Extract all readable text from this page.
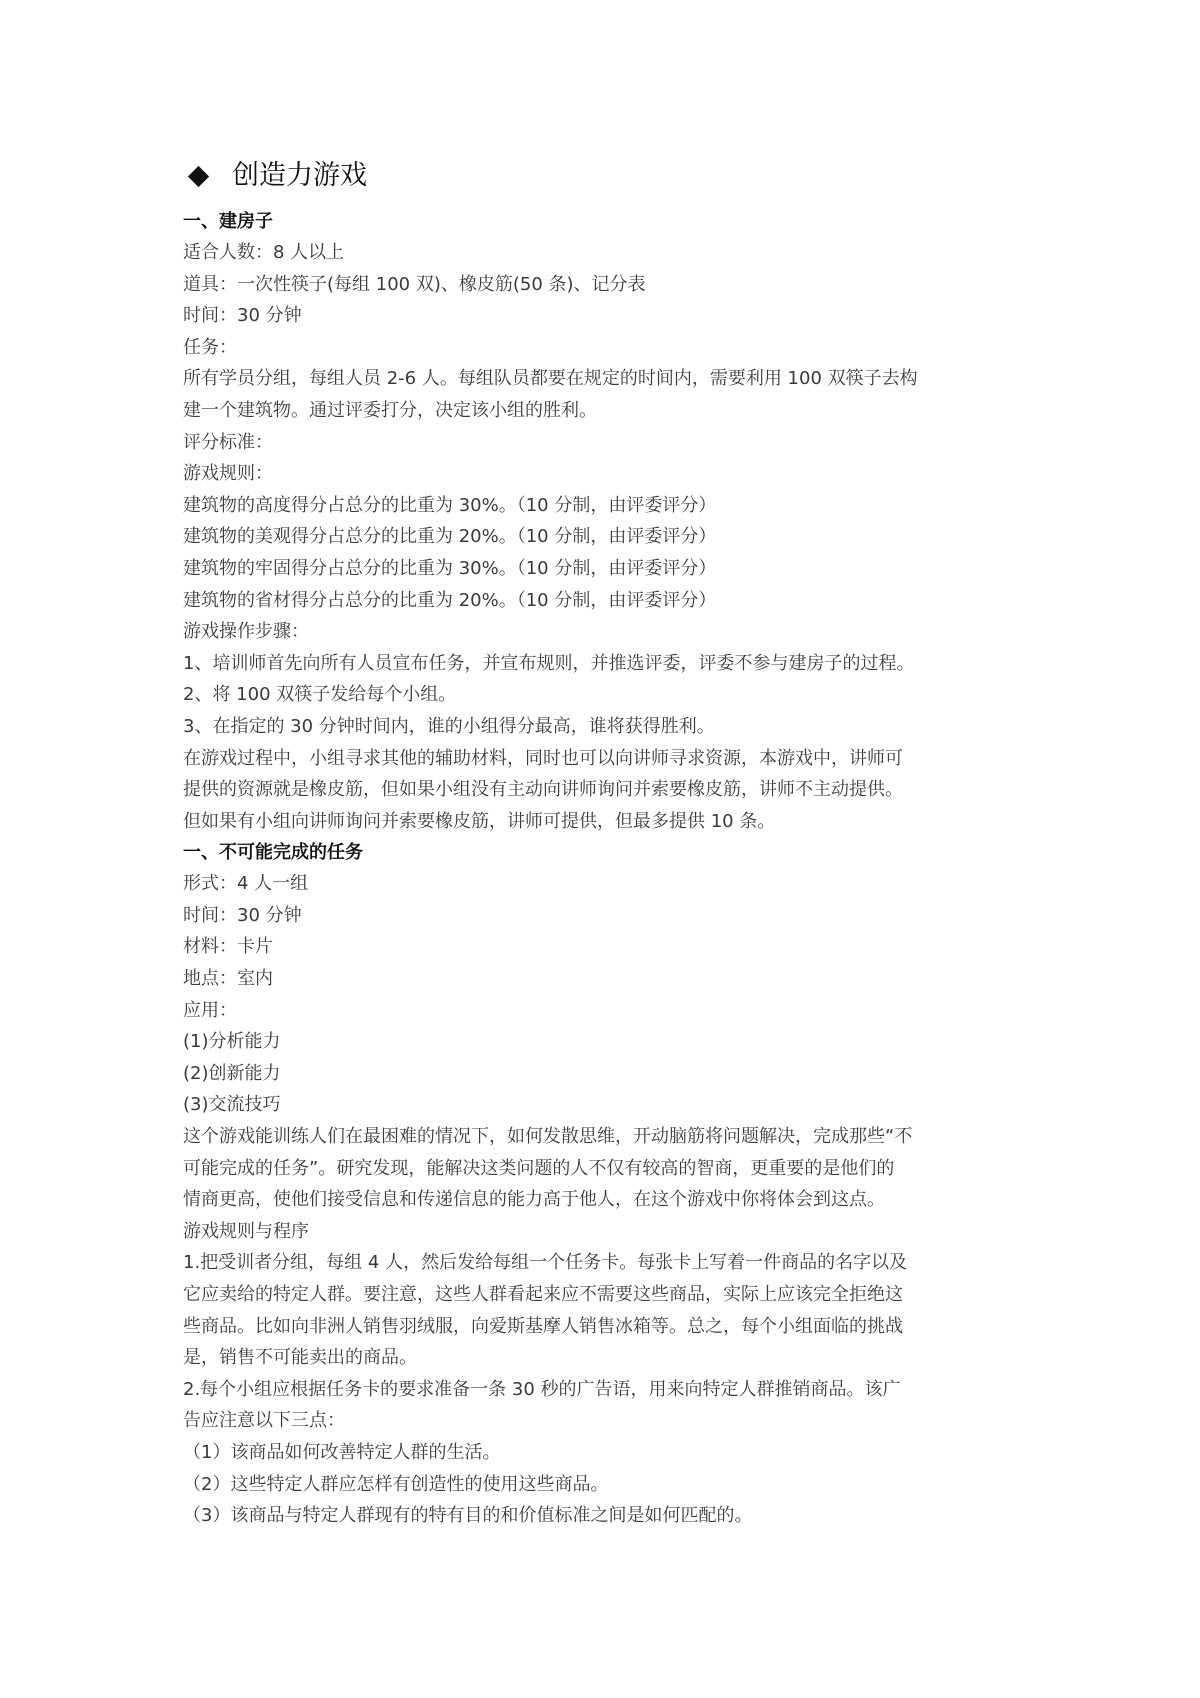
创造力游戏
一、建房子
适合人数：8 人以上
道具：一次性筷子(每组 100 双)、橡皮筋(50 条)、记分表
时间：30 分钟
任务：
所有学员分组，每组人员 2-6 人。每组队员都要在规定的时间内，需要利用 100 双筷子去构
建一个建筑物。通过评委打分，决定该小组的胜利。
评分标准：
游戏规则：
建筑物的高度得分占总分的比重为 30%。（10 分制，由评委评分）
建筑物的美观得分占总分的比重为 20%。（10 分制，由评委评分）
建筑物的牢固得分占总分的比重为 30%。（10 分制，由评委评分）
建筑物的省材得分占总分的比重为 20%。（10 分制，由评委评分）
游戏操作步骤：
1、培训师首先向所有人员宣布任务，并宣布规则，并推选评委，评委不参与建房子的过程。
2、将 100 双筷子发给每个小组。
3、在指定的 30 分钟时间内，谁的小组得分最高，谁将获得胜利。
在游戏过程中，小组寻求其他的辅助材料，同时也可以向讲师寻求资源，本游戏中，讲师可
提供的资源就是橡皮筋，但如果小组没有主动向讲师询问并索要橡皮筋，讲师不主动提供。
但如果有小组向讲师询问并索要橡皮筋，讲师可提供，但最多提供 10 条。
一、不可能完成的任务
形式：4 人一组
时间：30 分钟
材料：卡片
地点：室内
应用：
(1)分析能力
(2)创新能力
(3)交流技巧
这个游戏能训练人们在最困难的情况下，如何发散思维，开动脑筋将问题解决，完成那些“不
可能完成的任务”。研究发现，能解决这类问题的人不仅有较高的智商，更重要的是他们的
情商更高，使他们接受信息和传递信息的能力高于他人，在这个游戏中你将体会到这点。
游戏规则与程序
1.把受训者分组，每组 4 人，然后发给每组一个任务卡。每张卡上写着一件商品的名字以及
它应卖给的特定人群。要注意，这些人群看起来应不需要这些商品，实际上应该完全拒绝这
些商品。比如向非洲人销售羽绒服，向爱斯基摩人销售冰箱等。总之，每个小组面临的挑战
是，销售不可能卖出的商品。
2.每个小组应根据任务卡的要求准备一条 30 秒的广告语，用来向特定人群推销商品。该广
告应注意以下三点：
（1）该商品如何改善特定人群的生活。
（2）这些特定人群应怎样有创造性的使用这些商品。
（3）该商品与特定人群现有的特有目的和价值标准之间是如何匹配的。
